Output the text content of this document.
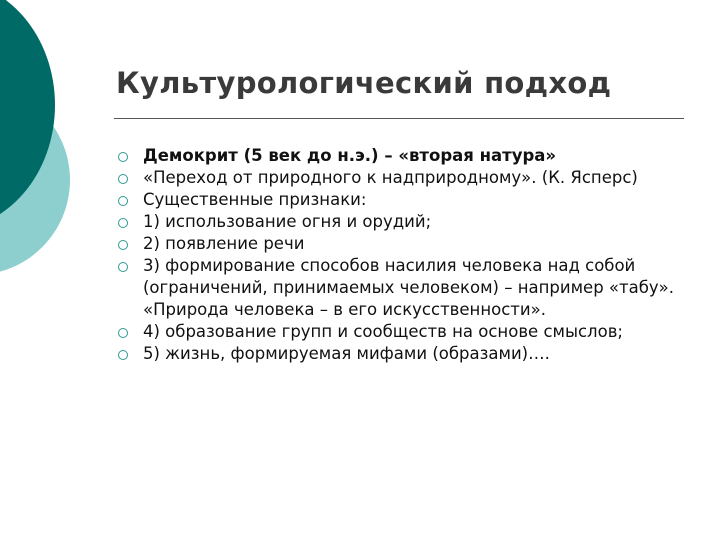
Культурологический подход
Демокрит (5 век до н.э.) – «вторая натура»
«Переход от природного к надприродному». (К. Ясперс)
Существенные признаки:
1) использование огня и орудий;
2) появление речи
3) формирование способов насилия человека над собой (ограничений, принимаемых человеком) – например «табу». «Природа человека – в его искусственности».
4) образование групп и сообществ на основе смыслов;
5) жизнь, формируемая мифами (образами)….
